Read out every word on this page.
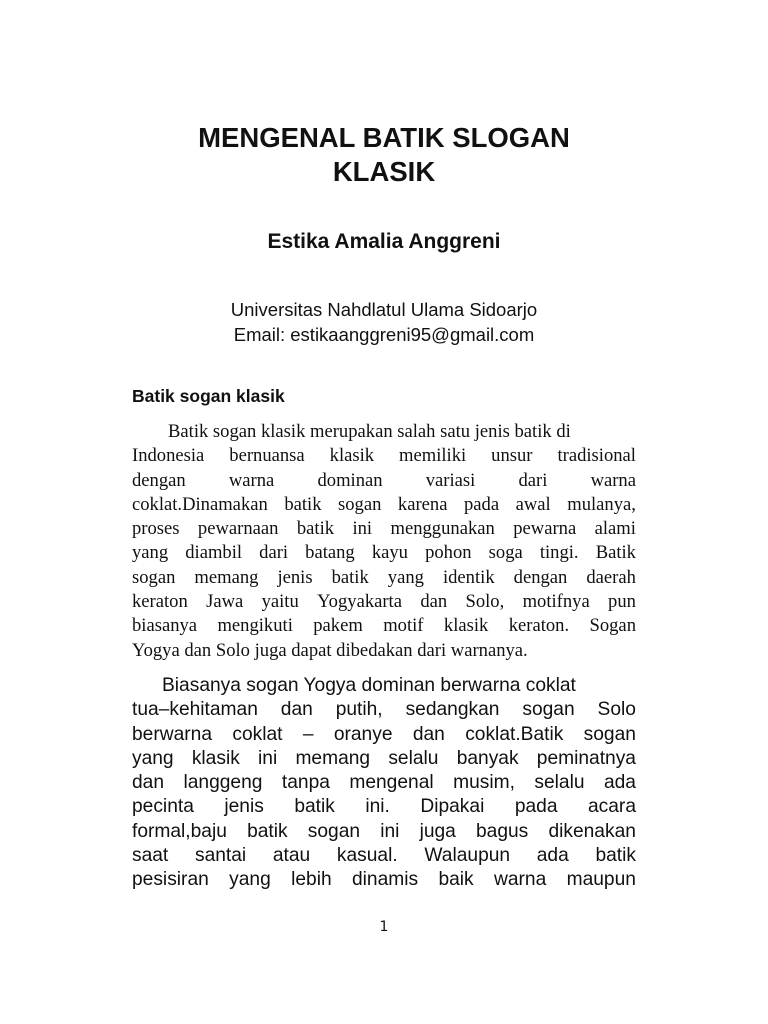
MENGENAL BATIK SLOGAN
KLASIK
Estika Amalia Anggreni
Universitas Nahdlatul Ulama Sidoarjo
Email: estikaanggreni95@gmail.com
Batik sogan klasik
Batik sogan klasik merupakan salah satu jenis batik di
Indonesia bernuansa klasik memiliki unsur tradisional
dengan warna dominan variasi dari warna
coklat.Dinamakan batik sogan karena pada awal mulanya,
proses pewarnaan batik ini menggunakan pewarna alami
yang diambil dari batang kayu pohon soga tingi. Batik
sogan memang jenis batik yang identik dengan daerah
keraton Jawa yaitu Yogyakarta dan Solo, motifnya pun
biasanya mengikuti pakem motif klasik keraton. Sogan
Yogya dan Solo juga dapat dibedakan dari warnanya.
Biasanya sogan Yogya dominan berwarna coklat
tua–kehitaman dan putih, sedangkan sogan Solo
berwarna coklat – oranye dan coklat.Batik sogan
yang klasik ini memang selalu banyak peminatnya
dan langgeng tanpa mengenal musim, selalu ada
pecinta jenis batik ini. Dipakai pada acara
formal,baju batik sogan ini juga bagus dikenakan
saat santai atau kasual. Walaupun ada batik
pesisiran yang lebih dinamis baik warna maupun
1
